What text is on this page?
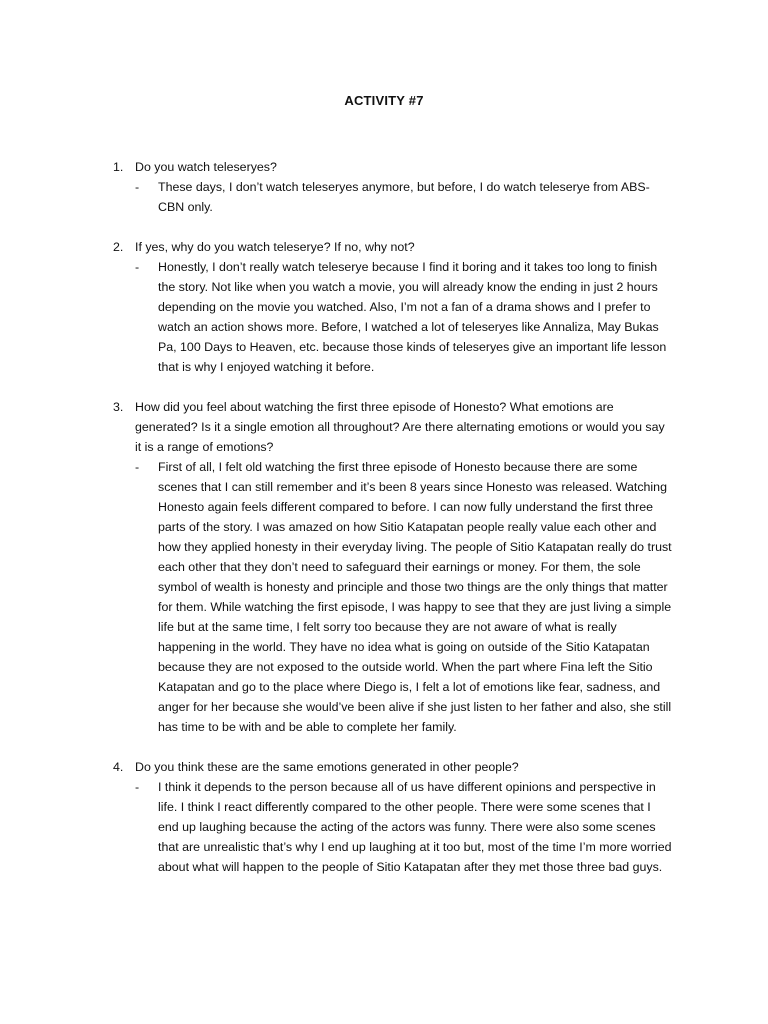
ACTIVITY #7
1. Do you watch teleseryes?
- These days, I don’t watch teleseryes anymore, but before, I do watch teleserye from ABS-CBN only.
2. If yes, why do you watch teleserye? If no, why not?
- Honestly, I don’t really watch teleserye because I find it boring and it takes too long to finish the story. Not like when you watch a movie, you will already know the ending in just 2 hours depending on the movie you watched. Also, I’m not a fan of a drama shows and I prefer to watch an action shows more. Before, I watched a lot of teleseryes like Annaliza, May Bukas Pa, 100 Days to Heaven, etc. because those kinds of teleseryes give an important life lesson that is why I enjoyed watching it before.
3. How did you feel about watching the first three episode of Honesto? What emotions are generated? Is it a single emotion all throughout? Are there alternating emotions or would you say it is a range of emotions?
- First of all, I felt old watching the first three episode of Honesto because there are some scenes that I can still remember and it’s been 8 years since Honesto was released. Watching Honesto again feels different compared to before. I can now fully understand the first three parts of the story. I was amazed on how Sitio Katapatan people really value each other and how they applied honesty in their everyday living. The people of Sitio Katapatan really do trust each other that they don’t need to safeguard their earnings or money. For them, the sole symbol of wealth is honesty and principle and those two things are the only things that matter for them. While watching the first episode, I was happy to see that they are just living a simple life but at the same time, I felt sorry too because they are not aware of what is really happening in the world. They have no idea what is going on outside of the Sitio Katapatan because they are not exposed to the outside world. When the part where Fina left the Sitio Katapatan and go to the place where Diego is, I felt a lot of emotions like fear, sadness, and anger for her because she would’ve been alive if she just listen to her father and also, she still has time to be with and be able to complete her family.
4. Do you think these are the same emotions generated in other people?
- I think it depends to the person because all of us have different opinions and perspective in life. I think I react differently compared to the other people. There were some scenes that I end up laughing because the acting of the actors was funny. There were also some scenes that are unrealistic that’s why I end up laughing at it too but, most of the time I’m more worried about what will happen to the people of Sitio Katapatan after they met those three bad guys.
